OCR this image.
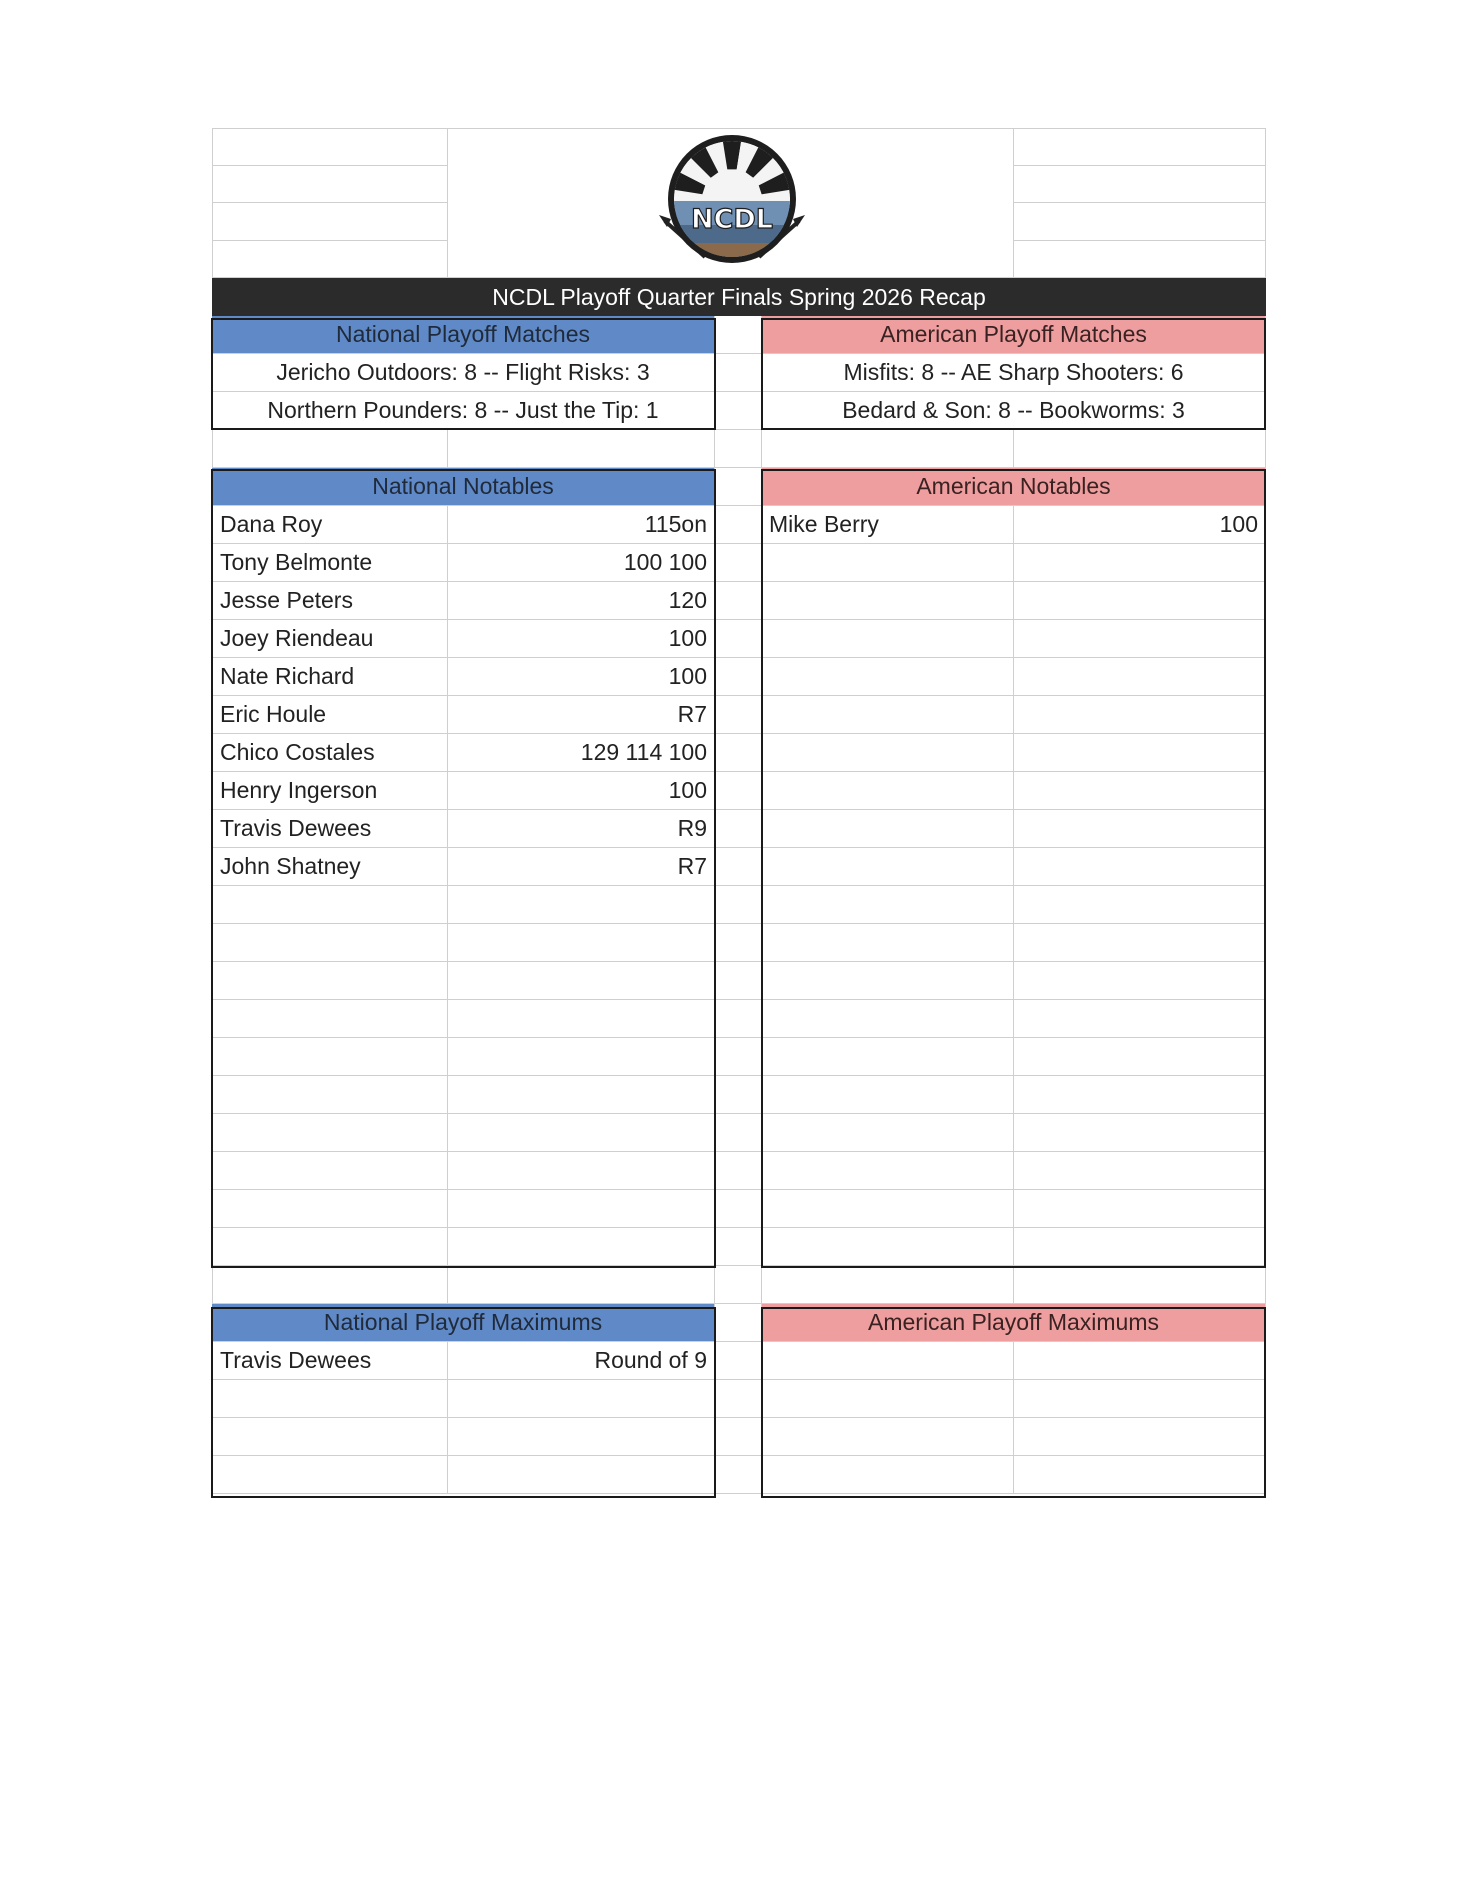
NCDL Playoff Quarter Finals Spring 2026 Recap
National Playoff Matches	American Playoff Matches
Jericho Outdoors: 8 -- Flight Risks: 3	Misfits: 8 -- AE Sharp Shooters: 6
Northern Pounders: 8 -- Just the Tip: 1	Bedard & Son: 8 -- Bookworms: 3
National Notables	American Notables
Dana Roy	115on	Mike Berry	100
Tony Belmonte	100 100
Jesse Peters	120
Joey Riendeau	100
Nate Richard	100
Eric Houle	R7
Chico Costales	129 114 100
Henry Ingerson	100
Travis Dewees	R9
John Shatney	R7
National Playoff Maximums	American Playoff Maximums
Travis Dewees	Round of 9
NCDL
